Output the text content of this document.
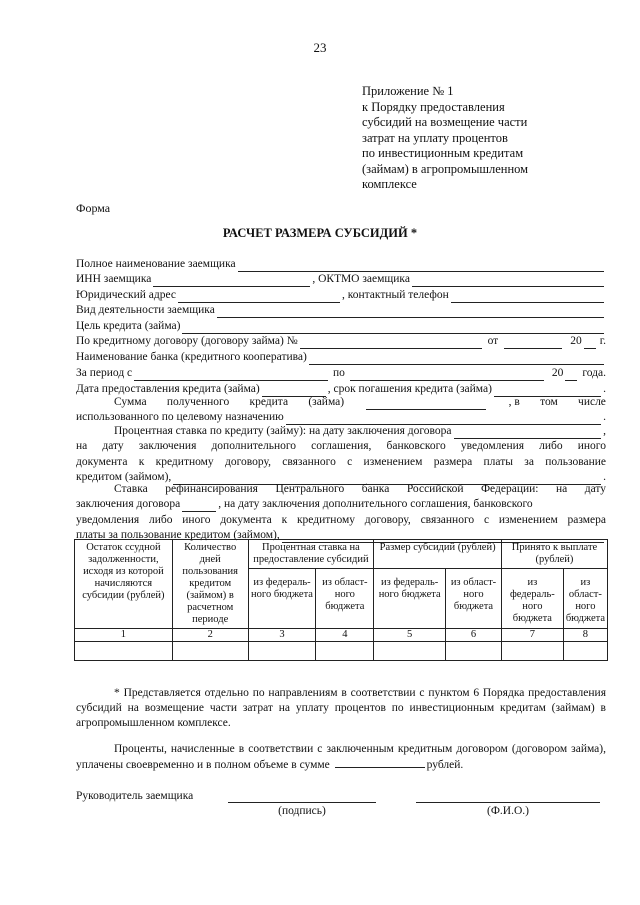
23
Приложение № 1
к Порядку предоставления
субсидий на возмещение части
затрат на уплату процентов
по инвестиционным кредитам
(займам) в агропромышленном
комплексе
Форма
РАСЧЕТ РАЗМЕРА СУБСИДИЙ *
Полное наименование заемщика
ИНН заемщика	, ОКТМО заемщика
Юридический адрес	, контактный телефон
Вид деятельности заемщика
Цель кредита (займа)
По кредитному договору (договору займа) №	от	20 г.
Наименование банка (кредитного кооператива)
За период с	по	20 года.
Дата предоставления кредита (займа)	, срок погашения кредита (займа)	.
Сумма полученного кредита (займа)	, в том числе
использованного по целевому назначению	.
Процентная ставка по кредиту (займу): на дату заключения договора	,
на дату заключения дополнительного соглашения, банковского уведомления либо иного
документа к кредитному договору, связанного с изменением размера платы за пользование
кредитом (займом),	.
Ставка рефинансирования Центрального банка Российской Федерации: на дату
заключения договора	, на дату заключения дополнительного соглашения, банковского
уведомления либо иного документа к кредитному договору, связанного с изменением размера
платы за пользование кредитом (займом),
Остаток ссудной задолженности, исходя из которой начисляются субсидии (рублей)	Количество дней пользования кредитом (займом) в расчетном периоде	Процентная ставка на предоставление субсидий		Размер субсидий (рублей)		Принято к выплате (рублей)	
		из федераль-ного бюджета	из област-ного бюджета	из федераль-ного бюджета	из област-ного бюджета	из федераль-ного бюджета	из област-ного бюджета
1	2	3	4	5	6	7	8

* Представляется отдельно по направлениям в соответствии с пунктом 6 Порядка предоставления субсидий на возмещение части затрат на уплату процентов по инвестиционным кредитам (займам) в агропромышленном комплексе.
Проценты, начисленные в соответствии с заключенным кредитным договором (договором займа), уплачены своевременно и в полном объеме в сумме	рублей.
Руководитель заемщика
(подпись)	(Ф.И.О.)
